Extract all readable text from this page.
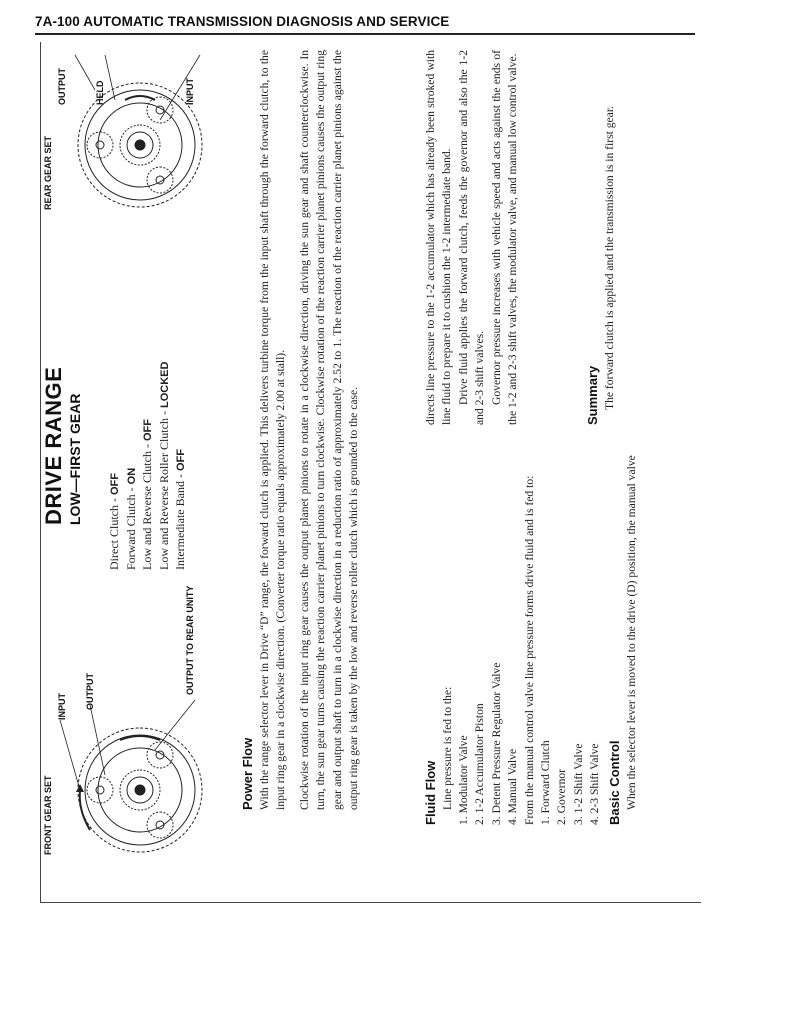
7A-100 AUTOMATIC TRANSMISSION DIAGNOSIS AND SERVICE
FRONT GEAR SET
INPUT OUTPUT	OUTPUT TO REAR UNITY
DRIVE RANGE LOW—FIRST GEAR
Direct Clutch - OFF
Forward Clutch - ON Low and Reverse Clutch - OFF Low and Reverse Roller Clutch - LOCKED
Intermediate Band - OFF
REAR GEAR SET
OUTPUT	HELD	INPUT
Power Flow With the range selector lever in Drive “D” range, the forward clutch is applied. This delivers turbine torque from the input shaft through the forward clutch, to the input ring gear in a clockwise direction. (Converter torque ratio equals approximately 2.00 at stall). Clockwise rotation of the input ring gear causes the output planet pinions to rotate in a clockwise direction, driving the sun gear and shaft counterclockwise. In turn, the sun gear turns causing the reaction carrier planet pinions to turn clockwise. Clockwise rotation of the reaction carrier planet pinions causes the output ring gear and output shaft to turn in a clockwise direction in a reduction ratio of approximately 2.52 to 1. The reaction of the reaction carrier planet pinions against the output ring gear is taken by the low and reverse roller clutch which is grounded to the case.	Fluid Flow Line pressure is fed to the: 1. Modulator Valve 2. 1-2 Accumulator Piston 3. Detent Pressure Regulator Valve 4. Manual Valve From the manual control valve line pressure forms drive fluid and is fed to: 1. Forward Clutch 2. Governor 3. 1-2 Shift Valve 4. 2-3 Shift Valve Basic Control When the selector lever is moved to the drive (D) position, the manual valve
directs line pressure to the 1-2 accumulator which has already been stroked with line fluid to prepare it to cushion the 1-2 intermediate band. Drive fluid applies the forward clutch, feeds the governor and also the 1-2 and 2-3 shift valves. Governor pressure increases with vehicle speed and acts against the ends of the 1-2 and 2-3 shift valves, the modulator valve, and manual low control valve.	Summary The forward clutch is applied and the transmission is in first gear.
